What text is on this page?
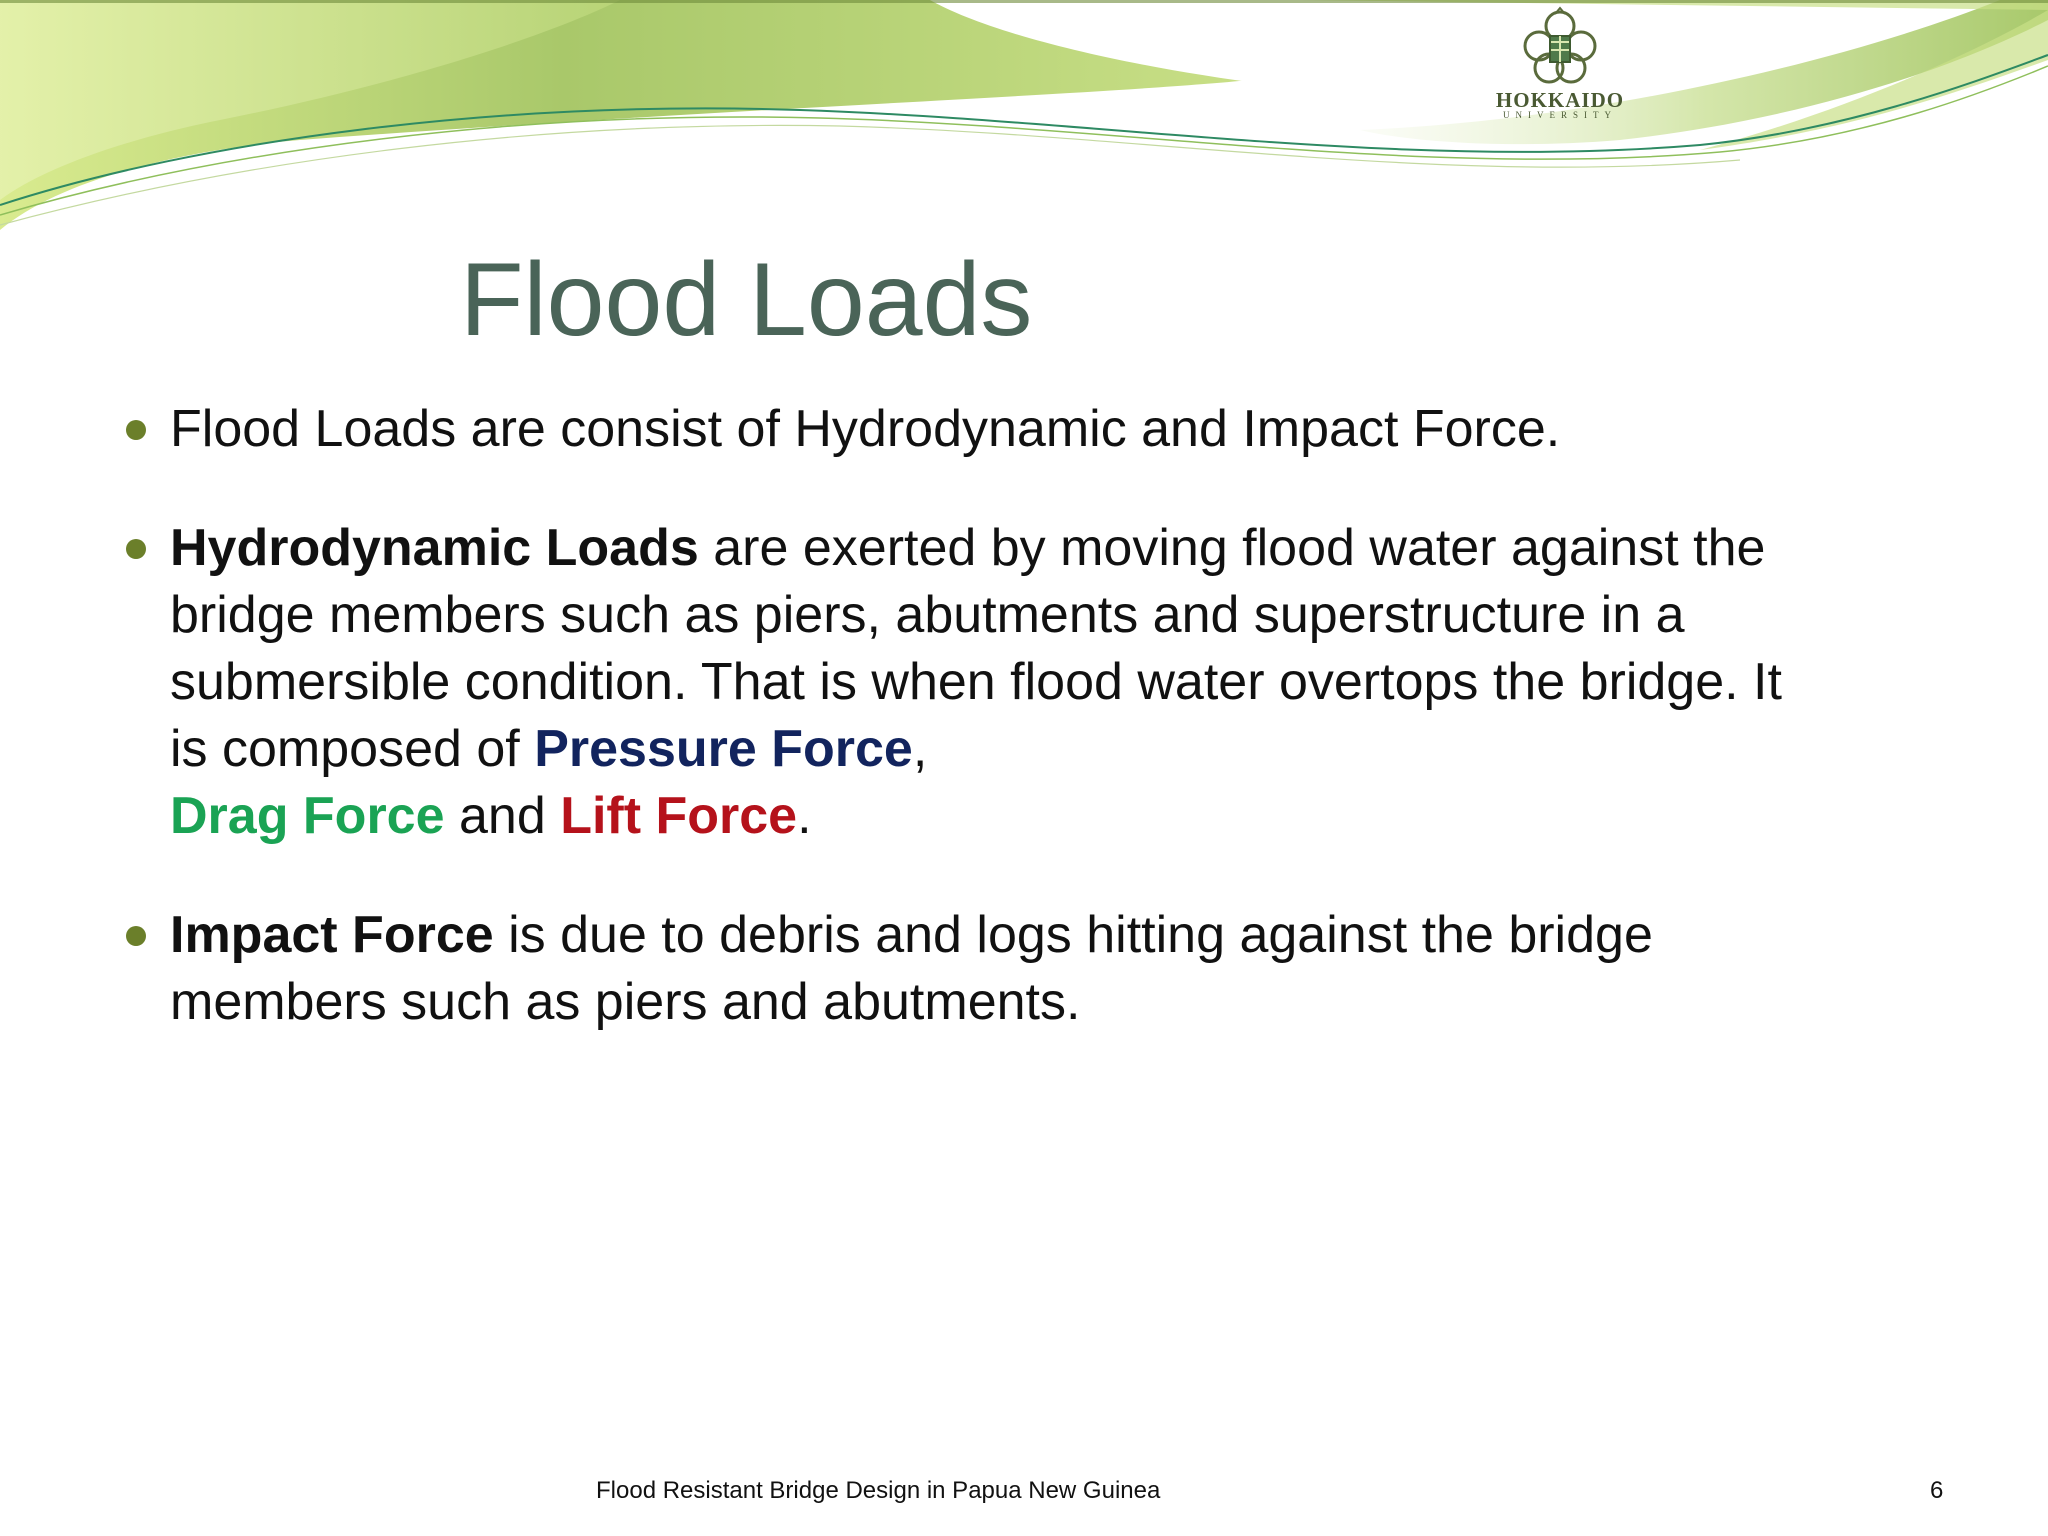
HOKKAIDO
UNIVERSITY
Flood Loads
Flood Loads are consist of Hydrodynamic and Impact Force.
Hydrodynamic Loads are exerted by moving flood water against the bridge members such as piers, abutments and superstructure in a submersible condition. That is when flood water overtops the bridge. It is composed of Pressure Force,
Drag Force and Lift Force.
Impact Force is due to debris and logs hitting against the bridge members such as piers and abutments.
Flood Resistant Bridge Design in Papua New Guinea	6
